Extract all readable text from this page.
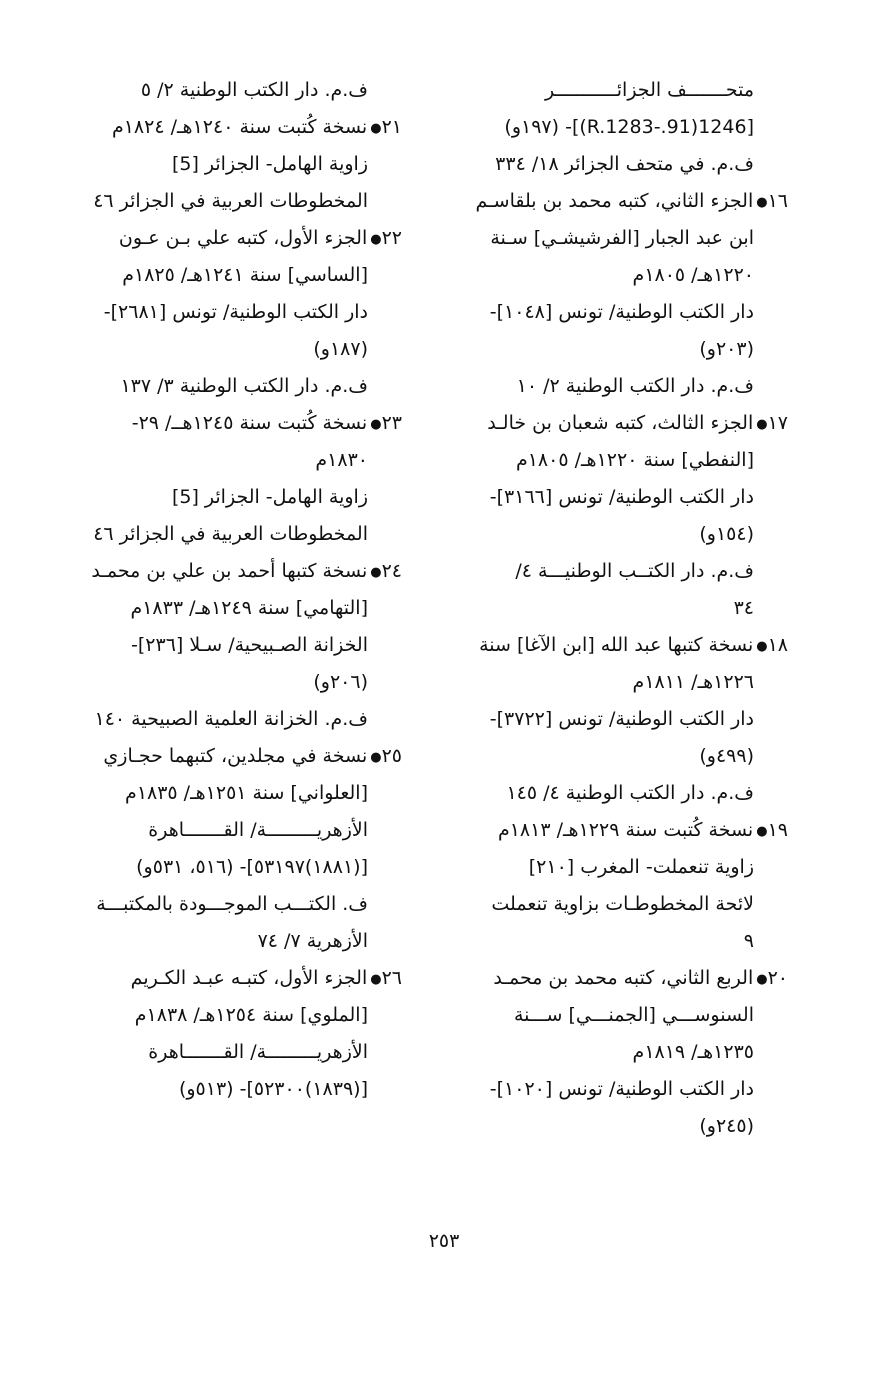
متحـــــــف الجزائـــــــــــر
[1246(91.-R.1283)]- (١٩٧و)
ف.م. في متحف الجزائر ١٨/ ٣٣٤
١٦●الجزء الثاني، كتبه محمد بن بلقاسـم
ابن عبد الجبار [الفرشيشـي] سـنة
١٢٢٠هـ/ ١٨٠٥م
دار الكتب الوطنية/ تونس [١٠٤٨]-
(٢٠٣و)
ف.م. دار الكتب الوطنية ٢/ ١٠
١٧●الجزء الثالث، كتبه شعبان بن خالـد
[النفطي] سنة ١٢٢٠هـ/ ١٨٠٥م
دار الكتب الوطنية/ تونس [٣١٦٦]-
(١٥٤و)
ف.م. دار الكتــب الوطنيـــة ٤/
٣٤
١٨●نسخة كتبها عبد الله [ابن الآغا] سنة
١٢٢٦هـ/ ١٨١١م
دار الكتب الوطنية/ تونس [٣٧٢٢]-
(٤٩٩و)
ف.م. دار الكتب الوطنية ٤/ ١٤٥
١٩●نسخة كُتبت سنة ١٢٢٩هـ/ ١٨١٣م
زاوية تنعملت- المغرب [٢١٠]
لائحة المخطوطـات بزاوية تنعملت
٩
٢٠●الربع الثاني، كتبه محمد بن محمـد
السنوســـي [الجمنـــي] ســـنة
١٢٣٥هـ/ ١٨١٩م
دار الكتب الوطنية/ تونس [١٠٢٠]-
(٢٤٥و)
ف.م. دار الكتب الوطنية ٢/ ٥
٢١●نسخة كُتبت سنة ١٢٤٠هـ/ ١٨٢٤م
زاوية الهامل- الجزائر [5]
المخطوطات العربية في الجزائر ٤٦
٢٢●الجزء الأول، كتبه علي بـن عـون
[الساسي] سنة ١٢٤١هـ/ ١٨٢٥م
دار الكتب الوطنية/ تونس [٢٦٨١]-
(١٨٧و)
ف.م. دار الكتب الوطنية ٣/ ١٣٧
٢٣●نسخة كُتبت سنة ١٢٤٥هــ/ ٢٩-
١٨٣٠م
زاوية الهامل- الجزائر [5]
المخطوطات العربية في الجزائر ٤٦
٢٤●نسخة كتبها أحمد بن علي بن محمـد
[التهامي] سنة ١٢٤٩هـ/ ١٨٣٣م
الخزانة الصـبيحية/ سـلا [٢٣٦]-
(٢٠٦و)
ف.م. الخزانة العلمية الصبيحية ١٤٠
٢٥●نسخة في مجلدين، كتبهما حجـازي
[العلواني] سنة ١٢٥١هـ/ ١٨٣٥م
الأزهريـــــــــة/ القـــــــاهرة
[(١٨٨١)٥٣١٩٧]- (٥١٦، ٥٣١و)
ف. الكتـــب الموجـــودة بالمكتبـــة
الأزهرية ٧/ ٧٤
٢٦●الجزء الأول، كتبـه عبـد الكـريم
[الملوي] سنة ١٢٥٤هـ/ ١٨٣٨م
الأزهريـــــــــة/ القـــــــاهرة
[(١٨٣٩)٥٢٣٠٠]- (٥١٣و)
٢٥٣
